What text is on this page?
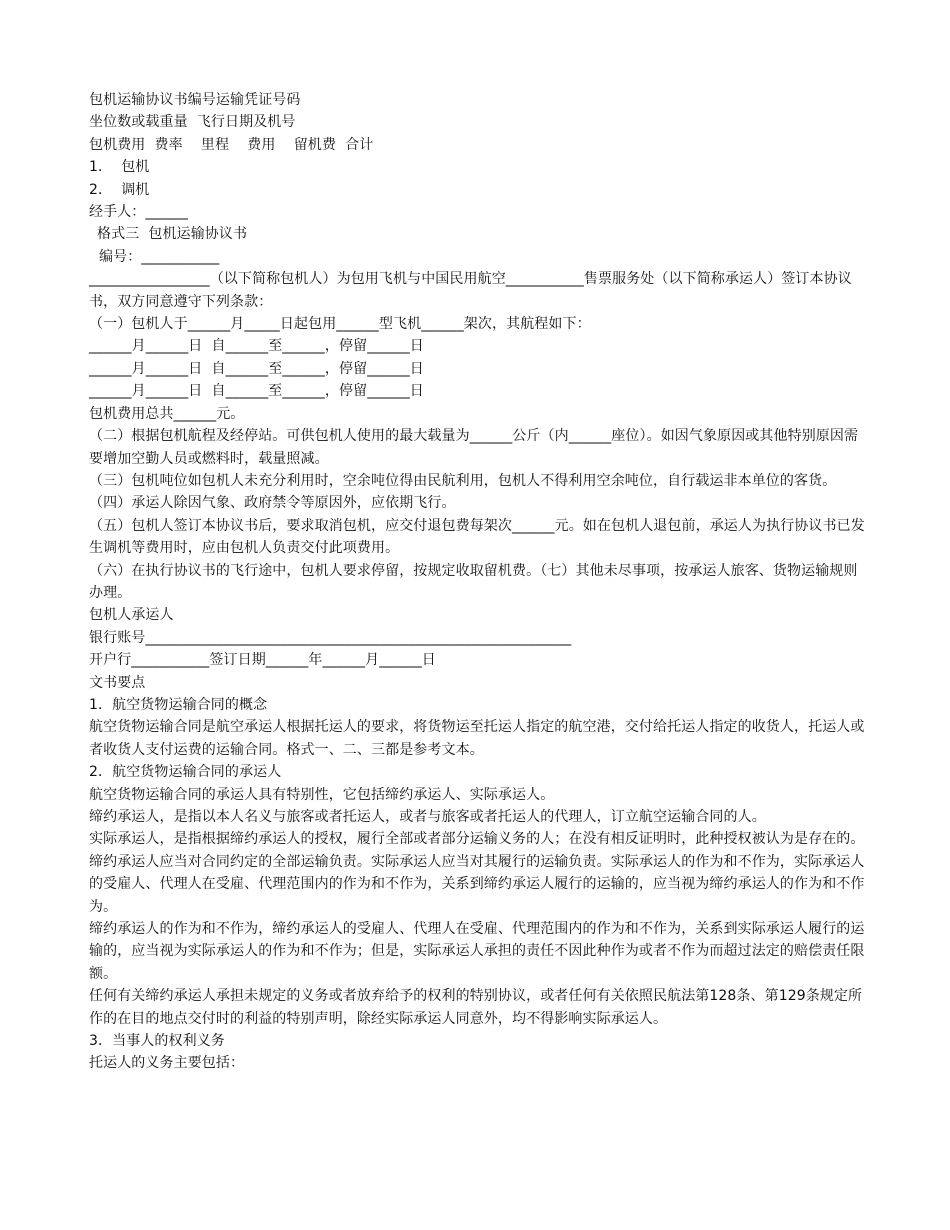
包机运输协议书编号运输凭证号码

坐位数或载重量  飞行日期及机号

包机费用  费率    里程    费用    留机费  合计

1．  包机

2．  调机

经手人：______

格式三  包机运输协议书

编号：___________

_________________（以下简称包机人）为包用飞机与中国民用航空___________售票服务处（以下简称承运人）签订本协议书，双方同意遵守下列条款：

（一）包机人于______月_____日起包用______型飞机______架次，其航程如下：

______月______日  自______至______，停留______日

______月______日  自______至______，停留______日

______月______日  自______至______，停留______日

包机费用总共______元。

（二）根据包机航程及经停站。可供包机人使用的最大载量为______公斤（内______座位）。如因气象原因或其他特别原因需要增加空勤人员或燃料时，载量照减。

（三）包机吨位如包机人未充分利用时，空余吨位得由民航利用，包机人不得利用空余吨位，自行载运非本单位的客货。

（四）承运人除因气象、政府禁令等原因外，应依期飞行。

（五）包机人签订本协议书后，要求取消包机，应交付退包费每架次______元。如在包机人退包前，承运人为执行协议书已发生调机等费用时，应由包机人负责交付此项费用。

（六）在执行协议书的飞行途中，包机人要求停留，按规定收取留机费。（七）其他未尽事项，按承运人旅客、货物运输规则办理。

包机人承运人

银行账号____________________________________________________________

开户行___________签订日期______年______月______日

文书要点

1．航空货物运输合同的概念

航空货物运输合同是航空承运人根据托运人的要求，将货物运至托运人指定的航空港，交付给托运人指定的收货人，托运人或者收货人支付运费的运输合同。格式一、二、三都是参考文本。

2．航空货物运输合同的承运人

航空货物运输合同的承运人具有特别性，它包括缔约承运人、实际承运人。

缔约承运人，是指以本人名义与旅客或者托运人，或者与旅客或者托运人的代理人，订立航空运输合同的人。

实际承运人，是指根据缔约承运人的授权，履行全部或者部分运输义务的人；在没有相反证明时，此种授权被认为是存在的。

缔约承运人应当对合同约定的全部运输负责。实际承运人应当对其履行的运输负责。实际承运人的作为和不作为，实际承运人的受雇人、代理人在受雇、代理范围内的作为和不作为，关系到缔约承运人履行的运输的，应当视为缔约承运人的作为和不作为。

缔约承运人的作为和不作为，缔约承运人的受雇人、代理人在受雇、代理范围内的作为和不作为，关系到实际承运人履行的运输的，应当视为实际承运人的作为和不作为；但是，实际承运人承担的责任不因此种作为或者不作为而超过法定的赔偿责任限额。

任何有关缔约承运人承担未规定的义务或者放弃给予的权利的特别协议，或者任何有关依照民航法第128条、第129条规定所作的在目的地点交付时的利益的特别声明，除经实际承运人同意外，均不得影响实际承运人。

3．当事人的权利义务

托运人的义务主要包括：
